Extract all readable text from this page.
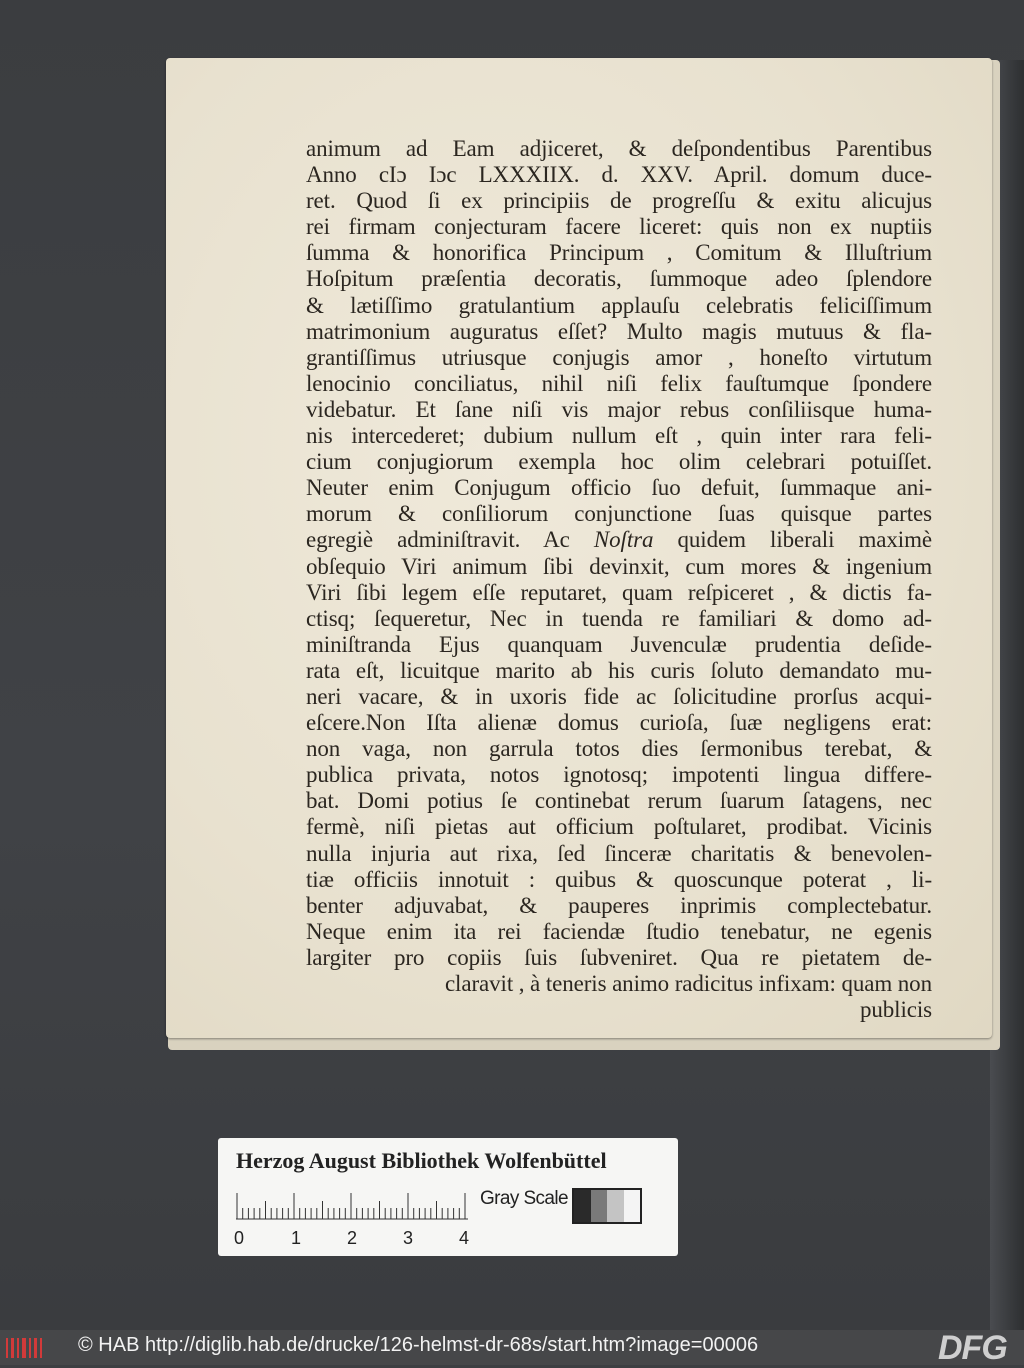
animum ad Eam adjiceret, & deſpondentibus Parentibus
Anno cIɔ Iɔc LXXXIIX. d. XXV. April. domum duce-
ret. Quod ſi ex principiis de progreſſu & exitu alicujus
rei firmam conjecturam facere liceret: quis non ex nuptiis
ſumma & honorifica Principum , Comitum & Illuſtrium
Hoſpitum præſentia decoratis, ſummoque adeo ſplendore
& lætiſſimo gratulantium applauſu celebratis feliciſſimum
matrimonium auguratus eſſet? Multo magis mutuus & fla-
grantiſſimus utriusque conjugis amor , honeſto virtutum
lenocinio conciliatus, nihil niſi felix fauſtumque ſpondere
videbatur. Et ſane niſi vis major rebus conſiliisque huma-
nis intercederet; dubium nullum eſt , quin inter rara feli-
cium conjugiorum exempla hoc olim celebrari potuiſſet.
Neuter enim Conjugum officio ſuo defuit, ſummaque ani-
morum & conſiliorum conjunctione ſuas quisque partes
egregiè adminiſtravit. Ac Noſtra quidem liberali maximè
obſequio Viri animum ſibi devinxit, cum mores & ingenium
Viri ſibi legem eſſe reputaret, quam reſpiceret , & dictis fa-
ctisq; ſequeretur, Nec in tuenda re familiari & domo ad-
miniſtranda Ejus quanquam Juvenculæ prudentia deſide-
rata eſt, licuitque marito ab his curis ſoluto demandato mu-
neri vacare, & in uxoris fide ac ſolicitudine prorſus acqui-
eſcere.Non Iſta alienæ domus curioſa, ſuæ negligens erat:
non vaga, non garrula totos dies ſermonibus terebat, &
publica privata, notos ignotosq; impotenti lingua differe-
bat. Domi potius ſe continebat rerum ſuarum ſatagens, nec
fermè, niſi pietas aut officium poſtularet, prodibat. Vicinis
nulla injuria aut rixa, ſed ſinceræ charitatis & benevolen-
tiæ officiis innotuit : quibus & quoscunque poterat , li-
benter adjuvabat, & pauperes inprimis complectebatur.
Neque enim ita rei faciendæ ſtudio tenebatur, ne egenis
largiter pro copiis ſuis ſubveniret. Qua re pietatem de-
claravit , à teneris animo radicitus infixam: quam non
publicis
Herzog August Bibliothek Wolfenbüttel
0	1	2	3	4
Gray Scale
© HAB http://diglib.hab.de/drucke/126-helmst-dr-68s/start.htm?image=00006	DFG
